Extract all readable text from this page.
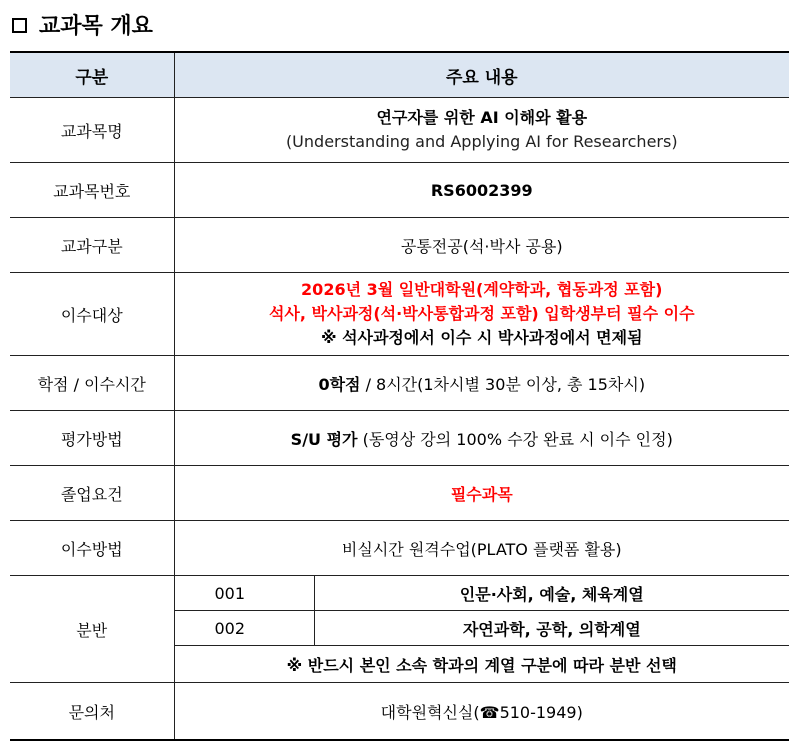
교과목 개요
구분	주요 내용	
교과목명	연구자를 위한 AI 이해와 활용
(Understanding and Applying AI for Researchers)	

교과목번호	RS6002399	
교과구분	공통전공(석·박사 공용)	
이수대상	2026년 3월 일반대학원(계약학과, 협동과정 포함)
석사, 박사과정(석·박사통합과정 포함) 입학생부터 필수 이수
※ 석사과정에서 이수 시 박사과정에서 면제됨	

학점 / 이수시간	0학점 / 8시간(1차시별 30분 이상, 총 15차시)	
평가방법	S/U 평가 (동영상 강의 100% 수강 완료 시 이수 인정)	
졸업요건	필수과목	
이수방법	비실시간 원격수업(PLATO 플랫폼 활용)	
분반	001	인문·사회, 예술, 체육계열
	002	자연과학, 공학, 의학계열
	※ 반드시 본인 소속 학과의 계열 구분에 따라 분반 선택	
문의처	대학원혁신실(☎510-1949)	
